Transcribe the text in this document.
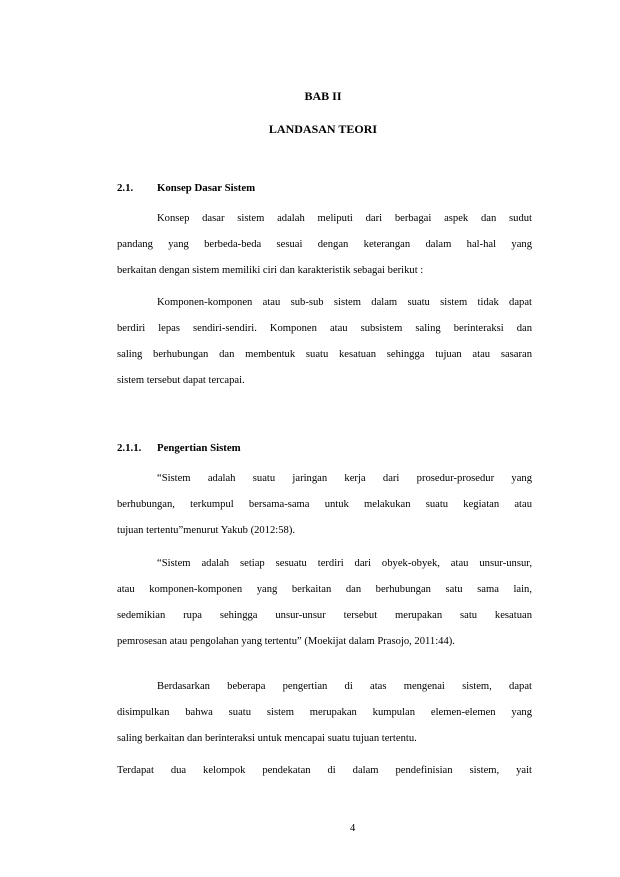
BAB II

LANDASAN TEORI

2.1. Konsep Dasar Sistem

Konsep dasar sistem adalah meliputi dari berbagai aspek dan sudut
pandang yang berbeda-beda sesuai dengan keterangan dalam hal-hal yang
berkaitan dengan sistem memiliki ciri dan karakteristik sebagai berikut :
Komponen-komponen atau sub-sub sistem dalam suatu sistem tidak dapat
berdiri lepas sendiri-sendiri. Komponen atau subsistem saling berinteraksi dan
saling berhubungan dan membentuk suatu kesatuan sehingga tujuan atau sasaran
sistem tersebut dapat tercapai.

2.1.1. Pengertian Sistem

“Sistem adalah suatu jaringan kerja dari prosedur-prosedur yang
berhubungan, terkumpul bersama-sama untuk melakukan suatu kegiatan atau
tujuan tertentu”menurut Yakub (2012:58).
“Sistem adalah setiap sesuatu terdiri dari obyek-obyek, atau unsur-unsur,
atau komponen-komponen yang berkaitan dan berhubungan satu sama lain,
sedemikian rupa sehingga unsur-unsur tersebut merupakan satu kesatuan
pemrosesan atau pengolahan yang tertentu” (Moekijat dalam Prasojo, 2011:44).
Berdasarkan beberapa pengertian di atas mengenai sistem, dapat
disimpulkan bahwa suatu sistem merupakan kumpulan elemen-elemen yang
saling berkaitan dan berinteraksi untuk mencapai suatu tujuan tertentu.
Terdapat dua kelompok pendekatan di dalam pendefinisian sistem, yait

4
